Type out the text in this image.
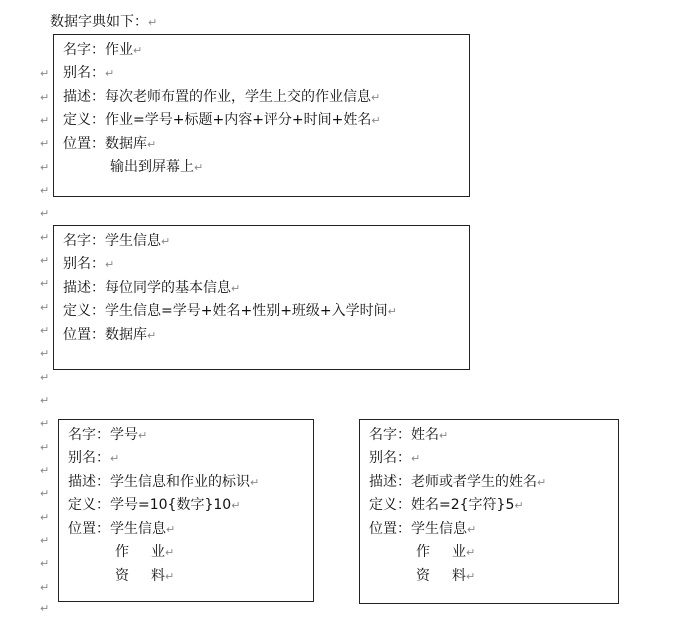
数据字典如下：↵
↵
↵
↵
↵
↵
↵
↵
↵
↵
↵
↵
↵
↵
↵
↵
↵
↵
↵
↵
↵
↵
↵
↵
↵
名字：作业↵
别名：↵
描述：每次老师布置的作业，学生上交的作业信息↵
定义：作业=学号+标题+内容+评分+时间+姓名↵
位置：数据库↵
输出到屏幕上↵
名字：学生信息↵
别名：↵
描述：每位同学的基本信息↵
定义：学生信息=学号+姓名+性别+班级+入学时间↵
位置：数据库↵
名字：学号↵
别名：↵
描述：学生信息和作业的标识↵
定义：学号=10{数字}10↵
位置：学生信息↵
作 业↵
资 料↵
名字：姓名↵
别名：↵
描述：老师或者学生的姓名↵
定义：姓名=2{字符}5↵
位置：学生信息↵
作 业↵
资 料↵
